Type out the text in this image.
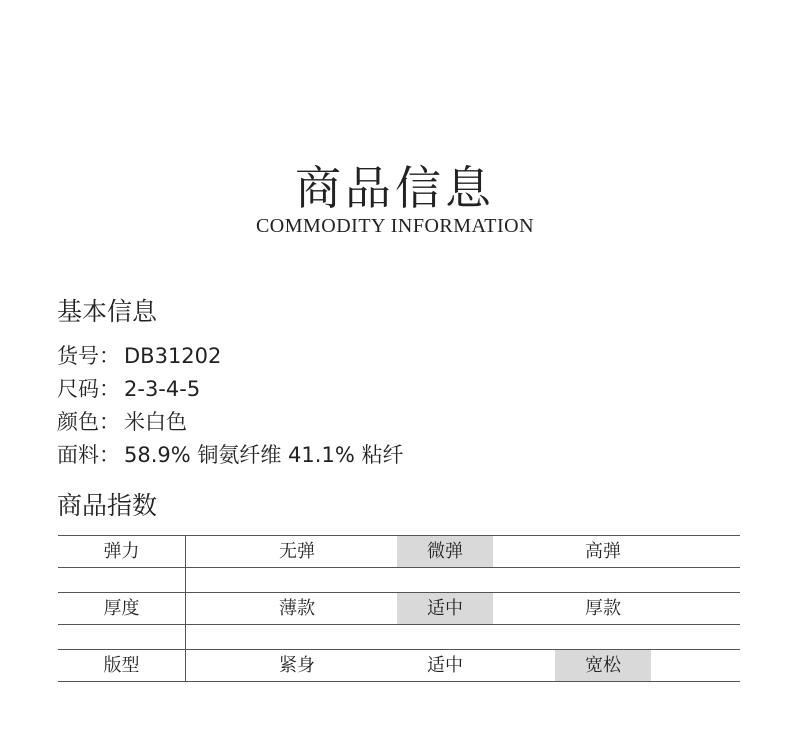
商品信息
COMMODITY INFORMATION
基本信息
货号： DB31202
尺码： 2-3-4-5
颜色： 米白色
面料： 58.9% 铜氨纤维 41.1% 粘纤
商品指数
弹力	无弹	微弹	高弹
厚度	薄款	适中	厚款
版型	紧身	适中	宽松
